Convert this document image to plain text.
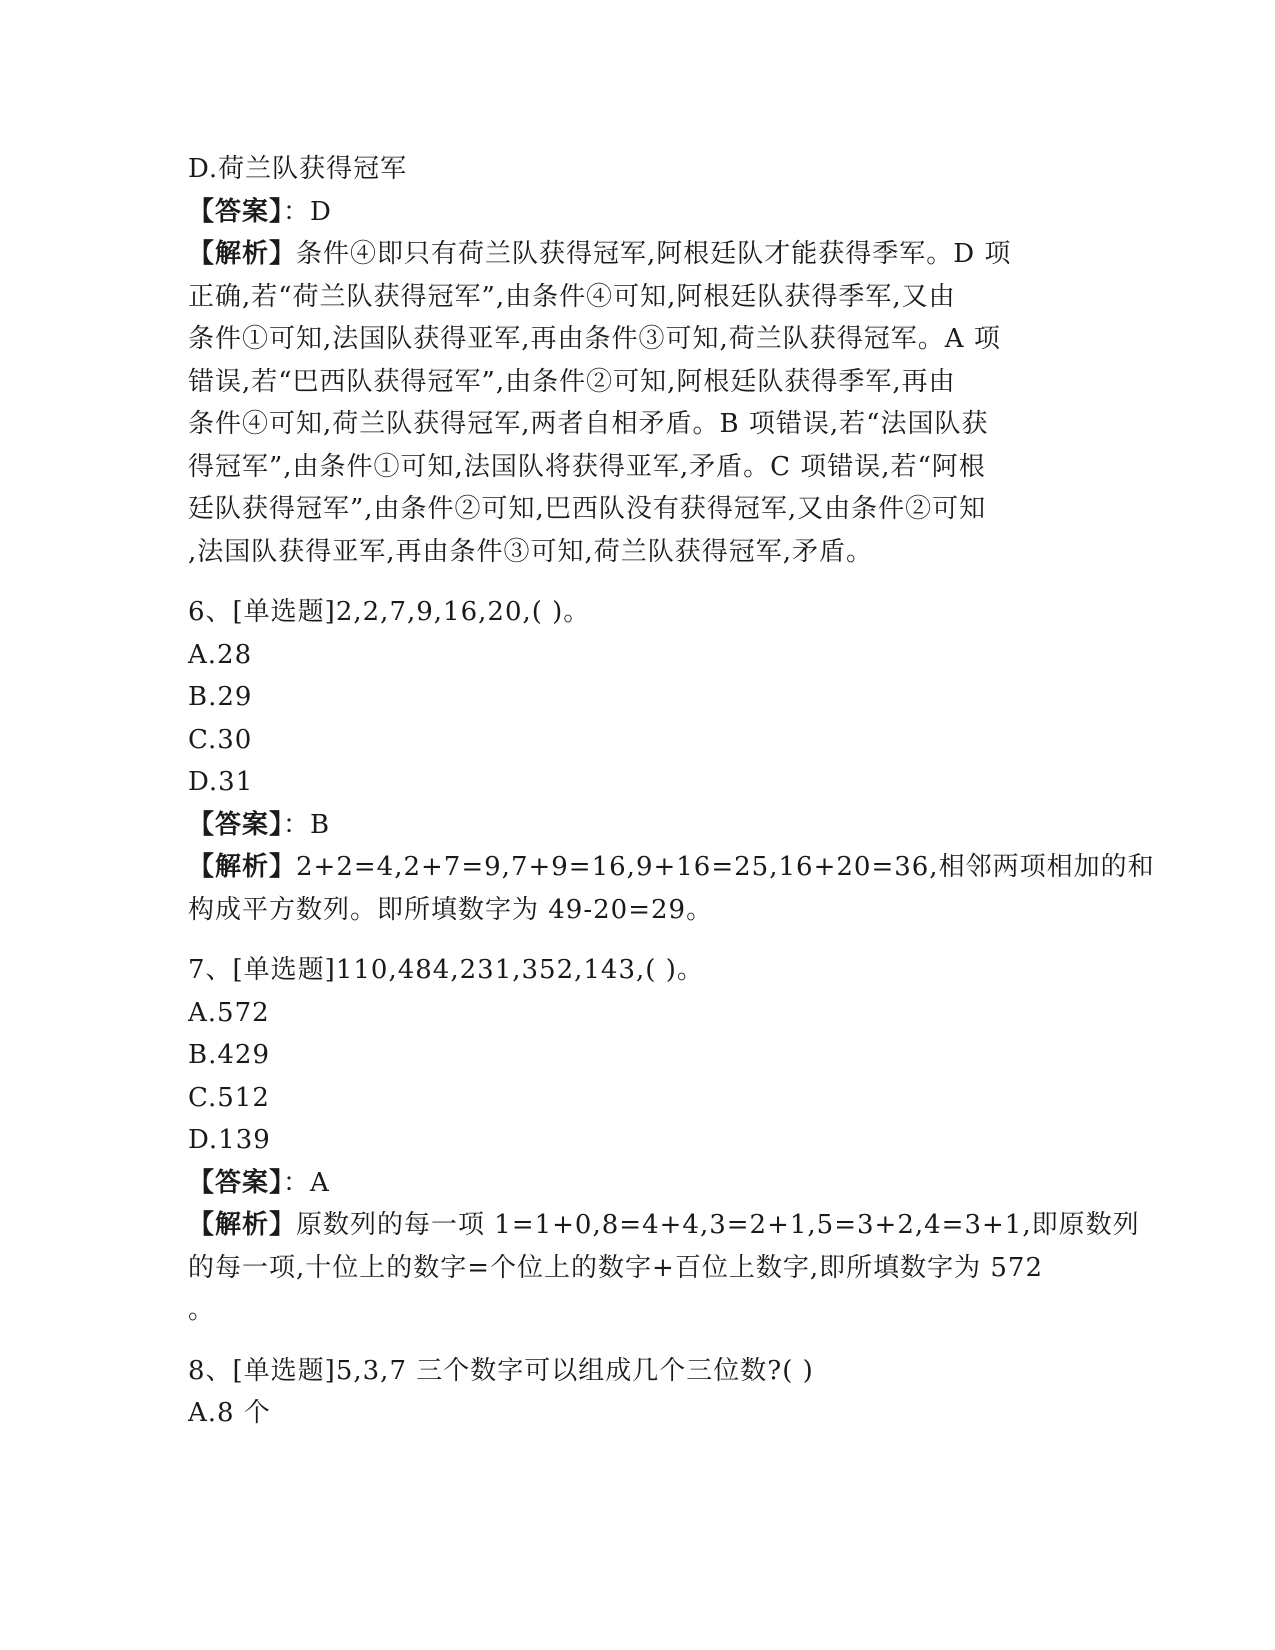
D.荷兰队获得冠军
【答案】：D
【解析】条件④即只有荷兰队获得冠军,阿根廷队才能获得季军。D 项
正确,若“荷兰队获得冠军”,由条件④可知,阿根廷队获得季军,又由
条件①可知,法国队获得亚军,再由条件③可知,荷兰队获得冠军。A 项
错误,若“巴西队获得冠军”,由条件②可知,阿根廷队获得季军,再由
条件④可知,荷兰队获得冠军,两者自相矛盾。B 项错误,若“法国队获
得冠军”,由条件①可知,法国队将获得亚军,矛盾。C 项错误,若“阿根
廷队获得冠军”,由条件②可知,巴西队没有获得冠军,又由条件②可知
,法国队获得亚军,再由条件③可知,荷兰队获得冠军,矛盾。
6、[单选题]2,2,7,9,16,20,( )。
A.28
B.29
C.30
D.31
【答案】：B
【解析】2+2=4,2+7=9,7+9=16,9+16=25,16+20=36,相邻两项相加的和
构成平方数列。即所填数字为 49-20=29。
7、[单选题]110,484,231,352,143,( )。
A.572
B.429
C.512
D.139
【答案】：A
【解析】原数列的每一项 1=1+0,8=4+4,3=2+1,5=3+2,4=3+1,即原数列
的每一项,十位上的数字=个位上的数字+百位上数字,即所填数字为 572
。
8、[单选题]5,3,7 三个数字可以组成几个三位数?( )
A.8 个
